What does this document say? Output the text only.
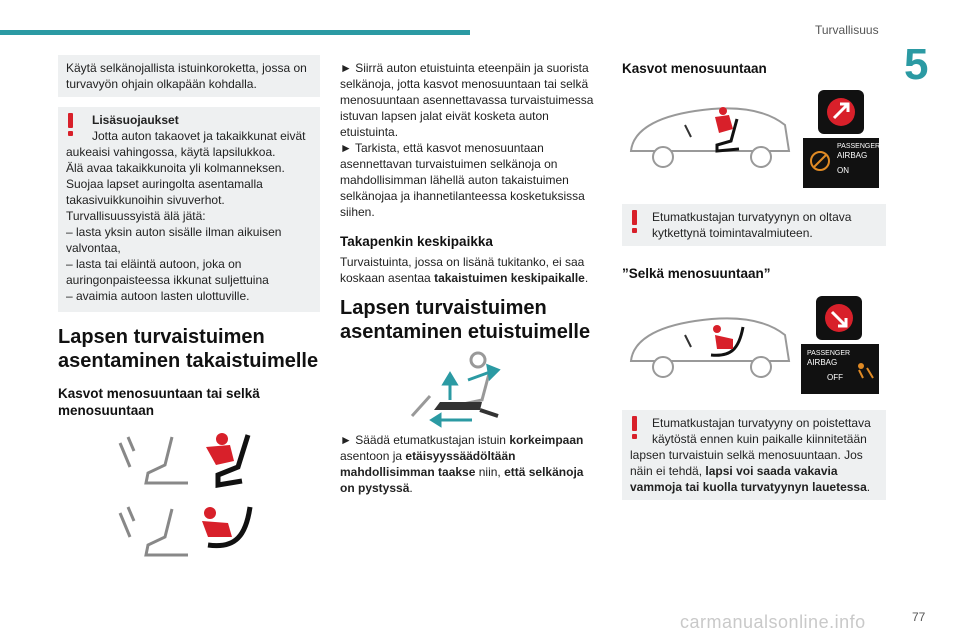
Turvallisuus
5
Käytä selkänojallista istuinkoroketta, jossa on
turvavyön ohjain olkapään kohdalla.
Lisäsuojaukset
Jotta auton takaovet ja takaikkunat eivät
aukeaisi vahingossa, käytä lapsilukkoa.
Älä avaa takaikkunoita yli kolmanneksen.
Suojaa lapset auringolta asentamalla
takasivuikkunoihin sivuverhot.
Turvallisuussyistä älä jätä:
– lasta yksin auton sisälle ilman aikuisen
valvontaa,
– lasta tai eläintä autoon, joka on
auringonpaisteessa ikkunat suljettuina
– avaimia autoon lasten ulottuville.
Lapsen turvaistuimen
asentaminen takaistuimelle
Kasvot menosuuntaan tai selkä
menosuuntaan
► Siirrä auton etuistuinta eteenpäin ja suorista
selkänoja, jotta kasvot menosuuntaan tai selkä
menosuuntaan asennettavassa turvaistuimessa
istuvan lapsen jalat eivät kosketa auton
etuistuinta.
► Tarkista, että kasvot menosuuntaan
asennettavan turvaistuimen selkänoja on
mahdollisimman lähellä auton takaistuimen
selkänojaa ja ihannetilanteessa kosketuksissa
siihen.
Takapenkin keskipaikka
Turvaistuinta, jossa on lisänä tukitanko, ei saa
koskaan asentaa takaistuimen keskipaikalle.
Lapsen turvaistuimen
asentaminen etuistuimelle
► Säädä etumatkustajan istuin korkeimpaan
asentoon ja etäisyyssäädöltään
mahdollisimman taakse niin, että selkänoja
on pystyssä.
Kasvot menosuuntaan
PASSENGER
AIRBAG
ON
Etumatkustajan turvatyynyn on oltava
kytkettynä toimintavalmiuteen.
”Selkä menosuuntaan”
PASSENGER
AIRBAG
OFF
Etumatkustajan turvatyyny on poistettava
käytöstä ennen kuin paikalle kiinnitetään
lapsen turvaistuin selkä menosuuntaan. Jos
näin ei tehdä, lapsi voi saada vakavia
vammoja tai kuolla turvatyynyn lauetessa.
carmanualsonline.info	77
